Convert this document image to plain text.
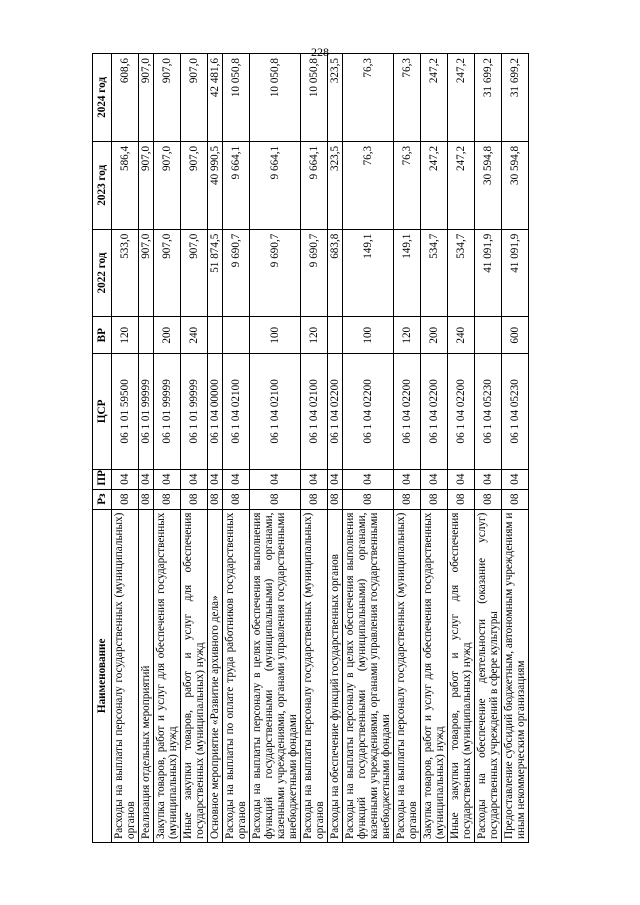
228
Наименование	Рз	ПР	ЦСР	ВР	2022 год	2023 год	2024 год
Расходы на выплаты персоналу государственных (муниципальных) органов	08	04	06 1 01 59500	120	533,0	586,4	608,6
Реализация отдельных мероприятий	08	04	06 1 01 99999		907,0	907,0	907,0
Закупка товаров, работ и услуг для обеспечения государственных (муниципальных) нужд	08	04	06 1 01 99999	200	907,0	907,0	907,0
Иные закупки товаров, работ и услуг для обеспечения государственных (муниципальных) нужд	08	04	06 1 01 99999	240	907,0	907,0	907,0
Основное мероприятие «Развитие архивного дела»	08	04	06 1 04 00000		51 874,5	40 990,5	42 481,6
Расходы на выплаты по оплате труда работников государственных органов	08	04	06 1 04 02100		9 690,7	9 664,1	10 050,8
Расходы на выплаты персоналу в целях обеспечения выполнения функций государственными (муниципальными) органами, казенными учреждениями, органами управления государственными внебюджетными фондами	08	04	06 1 04 02100	100	9 690,7	9 664,1	10 050,8
Расходы на выплаты персоналу государственных (муниципальных) органов	08	04	06 1 04 02100	120	9 690,7	9 664,1	10 050,8
Расходы на обеспечение функций государственных органов	08	04	06 1 04 02200		683,8	323,5	323,5
Расходы на выплаты персоналу в целях обеспечения выполнения функций государственными (муниципальными) органами, казенными учреждениями, органами управления государственными внебюджетными фондами	08	04	06 1 04 02200	100	149,1	76,3	76,3
Расходы на выплаты персоналу государственных (муниципальных) органов	08	04	06 1 04 02200	120	149,1	76,3	76,3
Закупка товаров, работ и услуг для обеспечения государственных (муниципальных) нужд	08	04	06 1 04 02200	200	534,7	247,2	247,2
Иные закупки товаров, работ и услуг для обеспечения государственных (муниципальных) нужд	08	04	06 1 04 02200	240	534,7	247,2	247,2
Расходы на обеспечение деятельности (оказание услуг) государственных учреждений в сфере культуры	08	04	06 1 04 05230		41 091,9	30 594,8	31 699,2
Предоставление субсидий бюджетным, автономным учреждениям и иным некоммерческим организациям	08	04	06 1 04 05230	600	41 091,9	30 594,8	31 699,2
